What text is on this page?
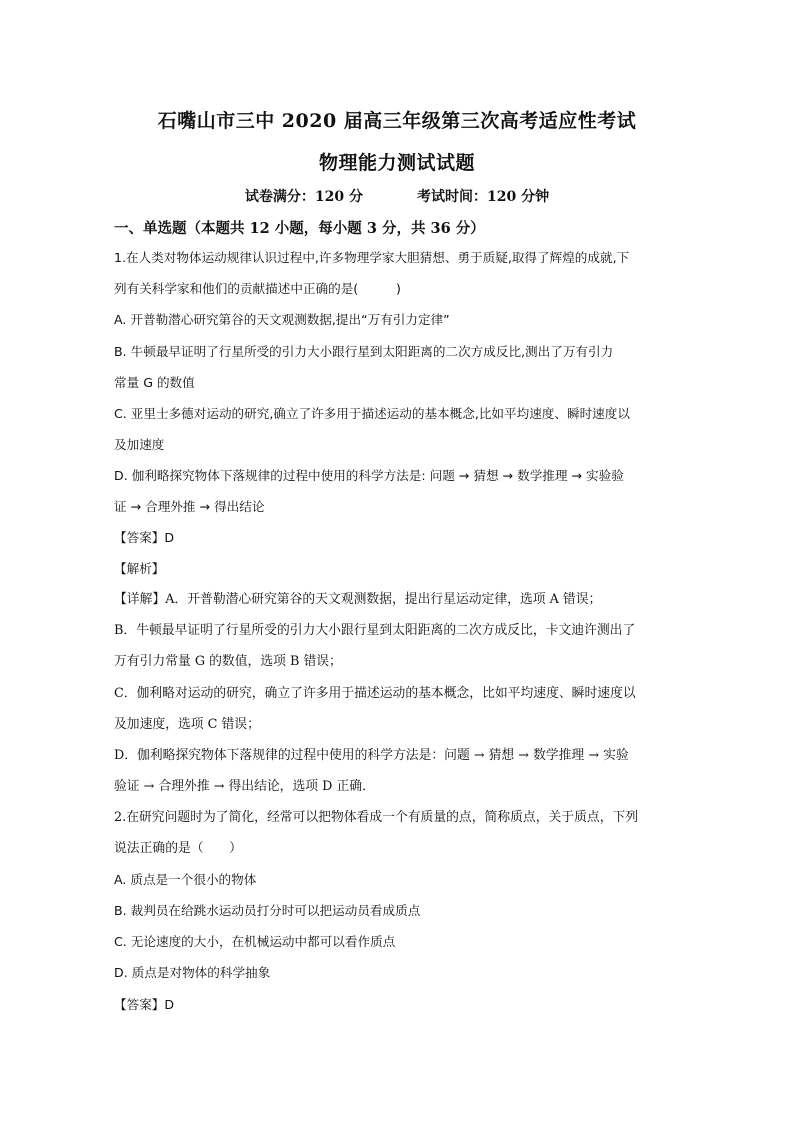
石嘴山市三中 2020 届高三年级第三次高考适应性考试
物理能力测试试题
试卷满分：120 分	考试时间：120 分钟
一、单选题（本题共 12 小题，每小题 3 分，共 36 分）
1.在人类对物体运动规律认识过程中,许多物理学家大胆猜想、勇于质疑,取得了辉煌的成就,下
列有关科学家和他们的贡献描述中正确的是(　　　)
A. 开普勒潜心研究第谷的天文观测数据,提出“万有引力定律”
B. 牛顿最早证明了行星所受的引力大小跟行星到太阳距离的二次方成反比,测出了万有引力
常量 G 的数值
C. 亚里士多德对运动的研究,确立了许多用于描述运动的基本概念,比如平均速度、瞬时速度以
及加速度
D. 伽利略探究物体下落规律的过程中使用的科学方法是: 问题 → 猜想 → 数学推理 → 实验验
证 → 合理外推 → 得出结论
【答案】D
【解析】
【详解】A．开普勒潜心研究第谷的天文观测数据，提出行星运动定律，选项 A 错误；
B．牛顿最早证明了行星所受的引力大小跟行星到太阳距离的二次方成反比，卡文迪许测出了
万有引力常量 G 的数值，选项 B 错误；
C．伽利略对运动的研究，确立了许多用于描述运动的基本概念，比如平均速度、瞬时速度以
及加速度，选项 C 错误；
D．伽利略探究物体下落规律的过程中使用的科学方法是：问题 → 猜想 → 数学推理 → 实验
验证 → 合理外推 → 得出结论，选项 D 正确．
2.在研究问题时为了简化，经常可以把物体看成一个有质量的点，简称质点，关于质点，下列
说法正确的是（　　）
A. 质点是一个很小的物体
B. 裁判员在给跳水运动员打分时可以把运动员看成质点
C. 无论速度的大小，在机械运动中都可以看作质点
D. 质点是对物体的科学抽象
【答案】D
